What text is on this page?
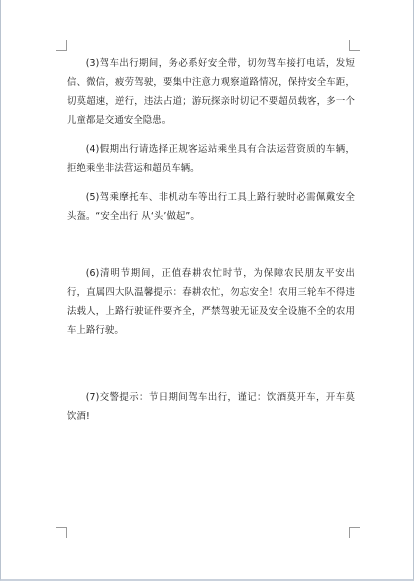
(3)驾车出行期间，务必系好安全带，切勿驾车接打电话，发短信、微信，疲劳驾驶，要集中注意力观察道路情况，保持安全车距，切莫超速，逆行，违法占道；游玩探亲时切记不要超员载客，多一个儿童都是交通安全隐患。

(4)假期出行请选择正规客运站乘坐具有合法运营资质的车辆，拒绝乘坐非法营运和超员车辆。

(5)驾乘摩托车、非机动车等出行工具上路行驶时必需佩戴安全头盔。“安全出行 从‘头’做起”。

(6)清明节期间，正值春耕农忙时节，为保障农民朋友平安出行，直属四大队温馨提示：春耕农忙，勿忘安全！农用三轮车不得违法载人，上路行驶证件要齐全，严禁驾驶无证及安全设施不全的农用车上路行驶。

(7)交警提示：节日期间驾车出行，谨记：饮酒莫开车，开车莫饮酒!
